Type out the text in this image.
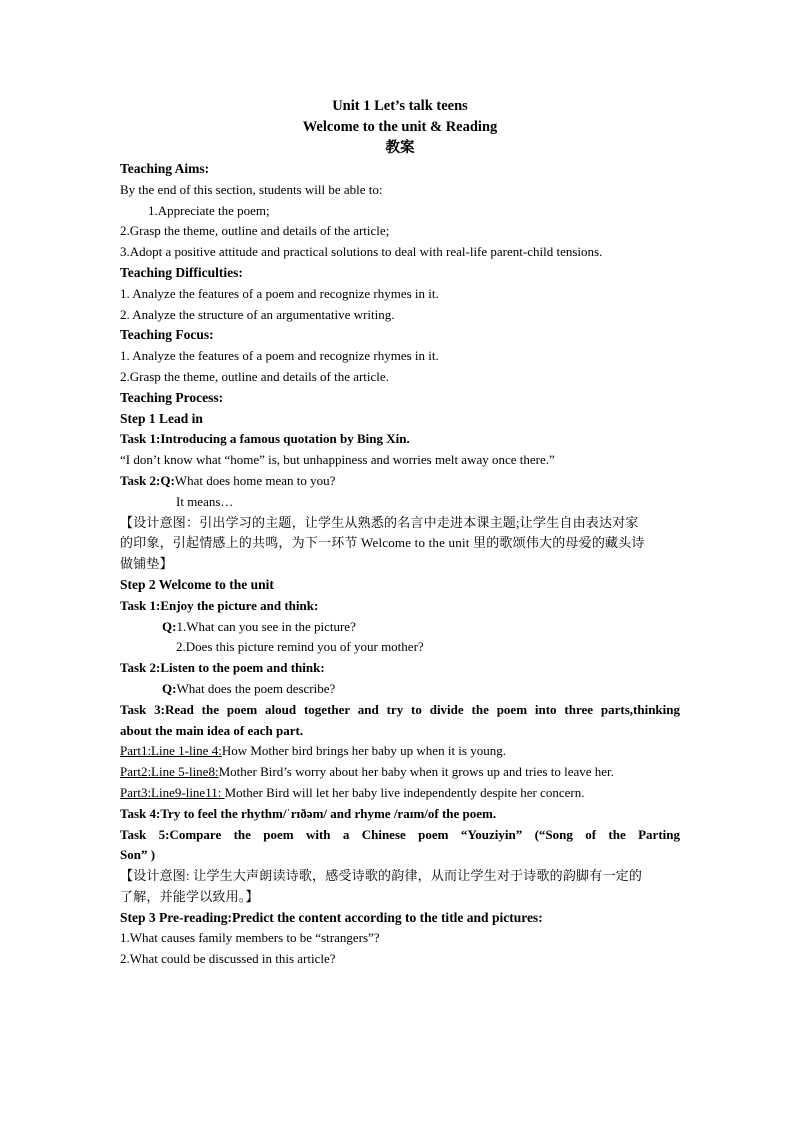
Unit 1 Let’s talk teens
Welcome to the unit & Reading
教案
Teaching Aims:
By the end of this section, students will be able to:
1.Appreciate the poem;
2.Grasp the theme, outline and details of the article;
3.Adopt a positive attitude and practical solutions to deal with real-life parent-child tensions.
Teaching Difficulties:
1. Analyze the features of a poem and recognize rhymes in it.
2. Analyze the structure of an argumentative writing.
Teaching Focus:
1. Analyze the features of a poem and recognize rhymes in it.
2.Grasp the theme, outline and details of the article.
Teaching Process:
Step 1 Lead in
Task 1:Introducing a famous quotation by Bing Xin.
“I don’t know what “home” is, but unhappiness and worries melt away once there.”
Task 2:Q:What does home mean to you?
It means…
【设计意图：引出学习的主题，让学生从熟悉的名言中走进本课主题;让学生自由表达对家
的印象，引起情感上的共鸣，为下一环节 Welcome to the unit 里的歌颂伟大的母爱的藏头诗
做铺垫】
Step 2 Welcome to the unit
Task 1:Enjoy the picture and think:
Q:1.What can you see in the picture?
2.Does this picture remind you of your mother?
Task 2:Listen to the poem and think:
Q:What does the poem describe?
Task 3:Read the poem aloud together and try to divide the poem into three parts,thinking
about the main idea of each part.
Part1:Line 1-line 4:How Mother bird brings her baby up when it is young.
Part2:Line 5-line8:Mother Bird’s worry about her baby when it grows up and tries to leave her.
Part3:Line9-line11: Mother Bird will let her baby live independently despite her concern.
Task 4:Try to feel the rhythm/ˈrɪðəm/ and rhyme /raɪm/of the poem.
Task 5:Compare the poem with a Chinese poem “Youziyin” (“Song of the Parting
Son” )
【设计意图: 让学生大声朗读诗歌，感受诗歌的韵律，从而让学生对于诗歌的韵脚有一定的
了解，并能学以致用。】
Step 3 Pre-reading:Predict the content according to the title and pictures:
1.What causes family members to be “strangers”?
2.What could be discussed in this article?
